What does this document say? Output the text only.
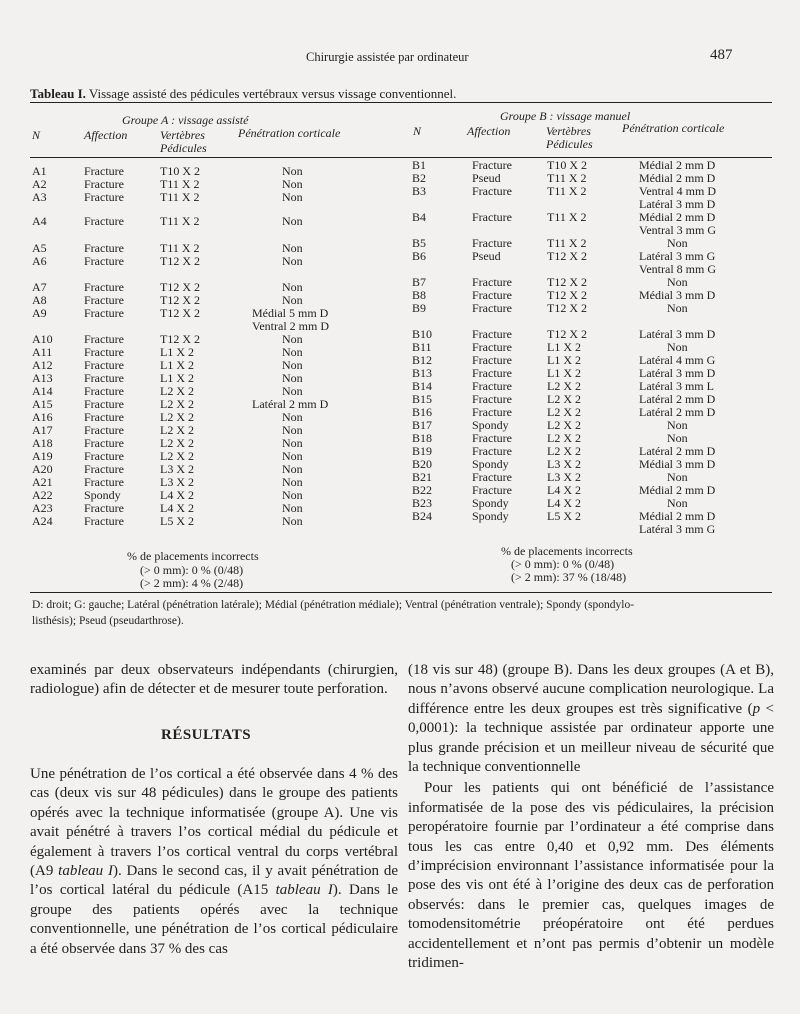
Chirurgie assistée par ordinateur	487
Tableau I. Vissage assisté des pédicules vertébraux versus vissage conventionnel.
Groupe A : vissage assisté	Groupe B : vissage manuel
N	Affection	Vertèbres
Pédicules
Pénétration corticale	N	Affection	Vertèbres
Pédicules
Pénétration corticale
A1	Fracture	T10 X 2	Non
A2	Fracture	T11 X 2	Non
A3	Fracture	T11 X 2	Non
A4	Fracture	T11 X 2	Non
A5	Fracture	T11 X 2	Non
A6	Fracture	T12 X 2	Non
A7	Fracture	T12 X 2	Non
A8	Fracture	T12 X 2	Non
A9	Fracture	T12 X 2	Médial 5 mm D
Ventral 2 mm D
A10	Fracture	T12 X 2	Non
A11	Fracture	L1 X 2	Non
A12	Fracture	L1 X 2	Non
A13	Fracture	L1 X 2	Non
A14	Fracture	L2 X 2	Non
A15	Fracture	L2 X 2	Latéral 2 mm D
A16	Fracture	L2 X 2	Non
A17	Fracture	L2 X 2	Non
A18	Fracture	L2 X 2	Non
A19	Fracture	L2 X 2	Non
A20	Fracture	L3 X 2	Non
A21	Fracture	L3 X 2	Non
A22	Spondy	L4 X 2	Non
A23	Fracture	L4 X 2	Non
A24	Fracture	L5 X 2	Non
B1	Fracture	T10 X 2	Médial 2 mm D
B2	Pseud	T11 X 2	Médial 2 mm D
B3	Fracture	T11 X 2	Ventral 4 mm D
Latéral 3 mm D
B4	Fracture	T11 X 2	Médial 2 mm D
Ventral 3 mm G
B5	Fracture	T11 X 2	Non
B6	Pseud	T12 X 2	Latéral 3 mm G
Ventral 8 mm G
B7	Fracture	T12 X 2	Non
B8	Fracture	T12 X 2	Médial 3 mm D
B9	Fracture	T12 X 2	Non
B10	Fracture	T12 X 2	Latéral 3 mm D
B11	Fracture	L1 X 2	Non
B12	Fracture	L1 X 2	Latéral 4 mm G
B13	Fracture	L1 X 2	Latéral 3 mm D
B14	Fracture	L2 X 2	Latéral 3 mm L
B15	Fracture	L2 X 2	Latéral 2 mm D
B16	Fracture	L2 X 2	Latéral 2 mm D
B17	Spondy	L2 X 2	Non
B18	Fracture	L2 X 2	Non
B19	Fracture	L2 X 2	Latéral 2 mm D
B20	Spondy	L3 X 2	Médial 3 mm D
B21	Fracture	L3 X 2	Non
B22	Fracture	L4 X 2	Médial 2 mm D
B23	Spondy	L4 X 2	Non
B24	Spondy	L5 X 2	Médial 2 mm D
Latéral 3 mm G
% de placements incorrects
(> 0 mm): 0 % (0/48)
(> 2 mm): 4 % (2/48)
% de placements incorrects
(> 0 mm): 0 % (0/48)
(> 2 mm): 37 % (18/48)
D: droit; G: gauche; Latéral (pénétration latérale); Médial (pénétration médiale); Ventral (pénétration ventrale); Spondy (spondylo-
listhésis); Pseud (pseudarthrose).

examinés par deux observateurs indépendants (chirurgien, radiologue) afin de détecter et de mesurer toute perforation.

RÉSULTATS

Une pénétration de l’os cortical a été observée dans 4 % des cas (deux vis sur 48 pédicules) dans le groupe des patients opérés avec la technique informatisée (groupe A). Une vis avait pénétré à travers l’os cortical médial du pédicule et également à travers l’os cortical ventral du corps vertébral (A9 tableau I). Dans le second cas, il y avait pénétration de l’os cortical latéral du pédicule (A15 tableau I). Dans le groupe des patients opérés avec la technique conventionnelle, une pénétration de l’os cortical pédiculaire a été observée dans 37 % des cas

(18 vis sur 48) (groupe B). Dans les deux groupes (A et B), nous n’avons observé aucune complication neurologique. La différence entre les deux groupes est très significative (p < 0,0001): la technique assistée par ordinateur apporte une plus grande précision et un meilleur niveau de sécurité que la technique conventionnelle

Pour les patients qui ont bénéficié de l’assistance informatisée de la pose des vis pédiculaires, la précision peropératoire fournie par l’ordinateur a été comprise dans tous les cas entre 0,40 et 0,92 mm. Des éléments d’imprécision environnant l’assistance informatisée pour la pose des vis ont été à l’origine des deux cas de perforation observés: dans le premier cas, quelques images de tomodensitométrie préopératoire ont été perdues accidentellement et n’ont pas permis d’obtenir un modèle tridimen-
